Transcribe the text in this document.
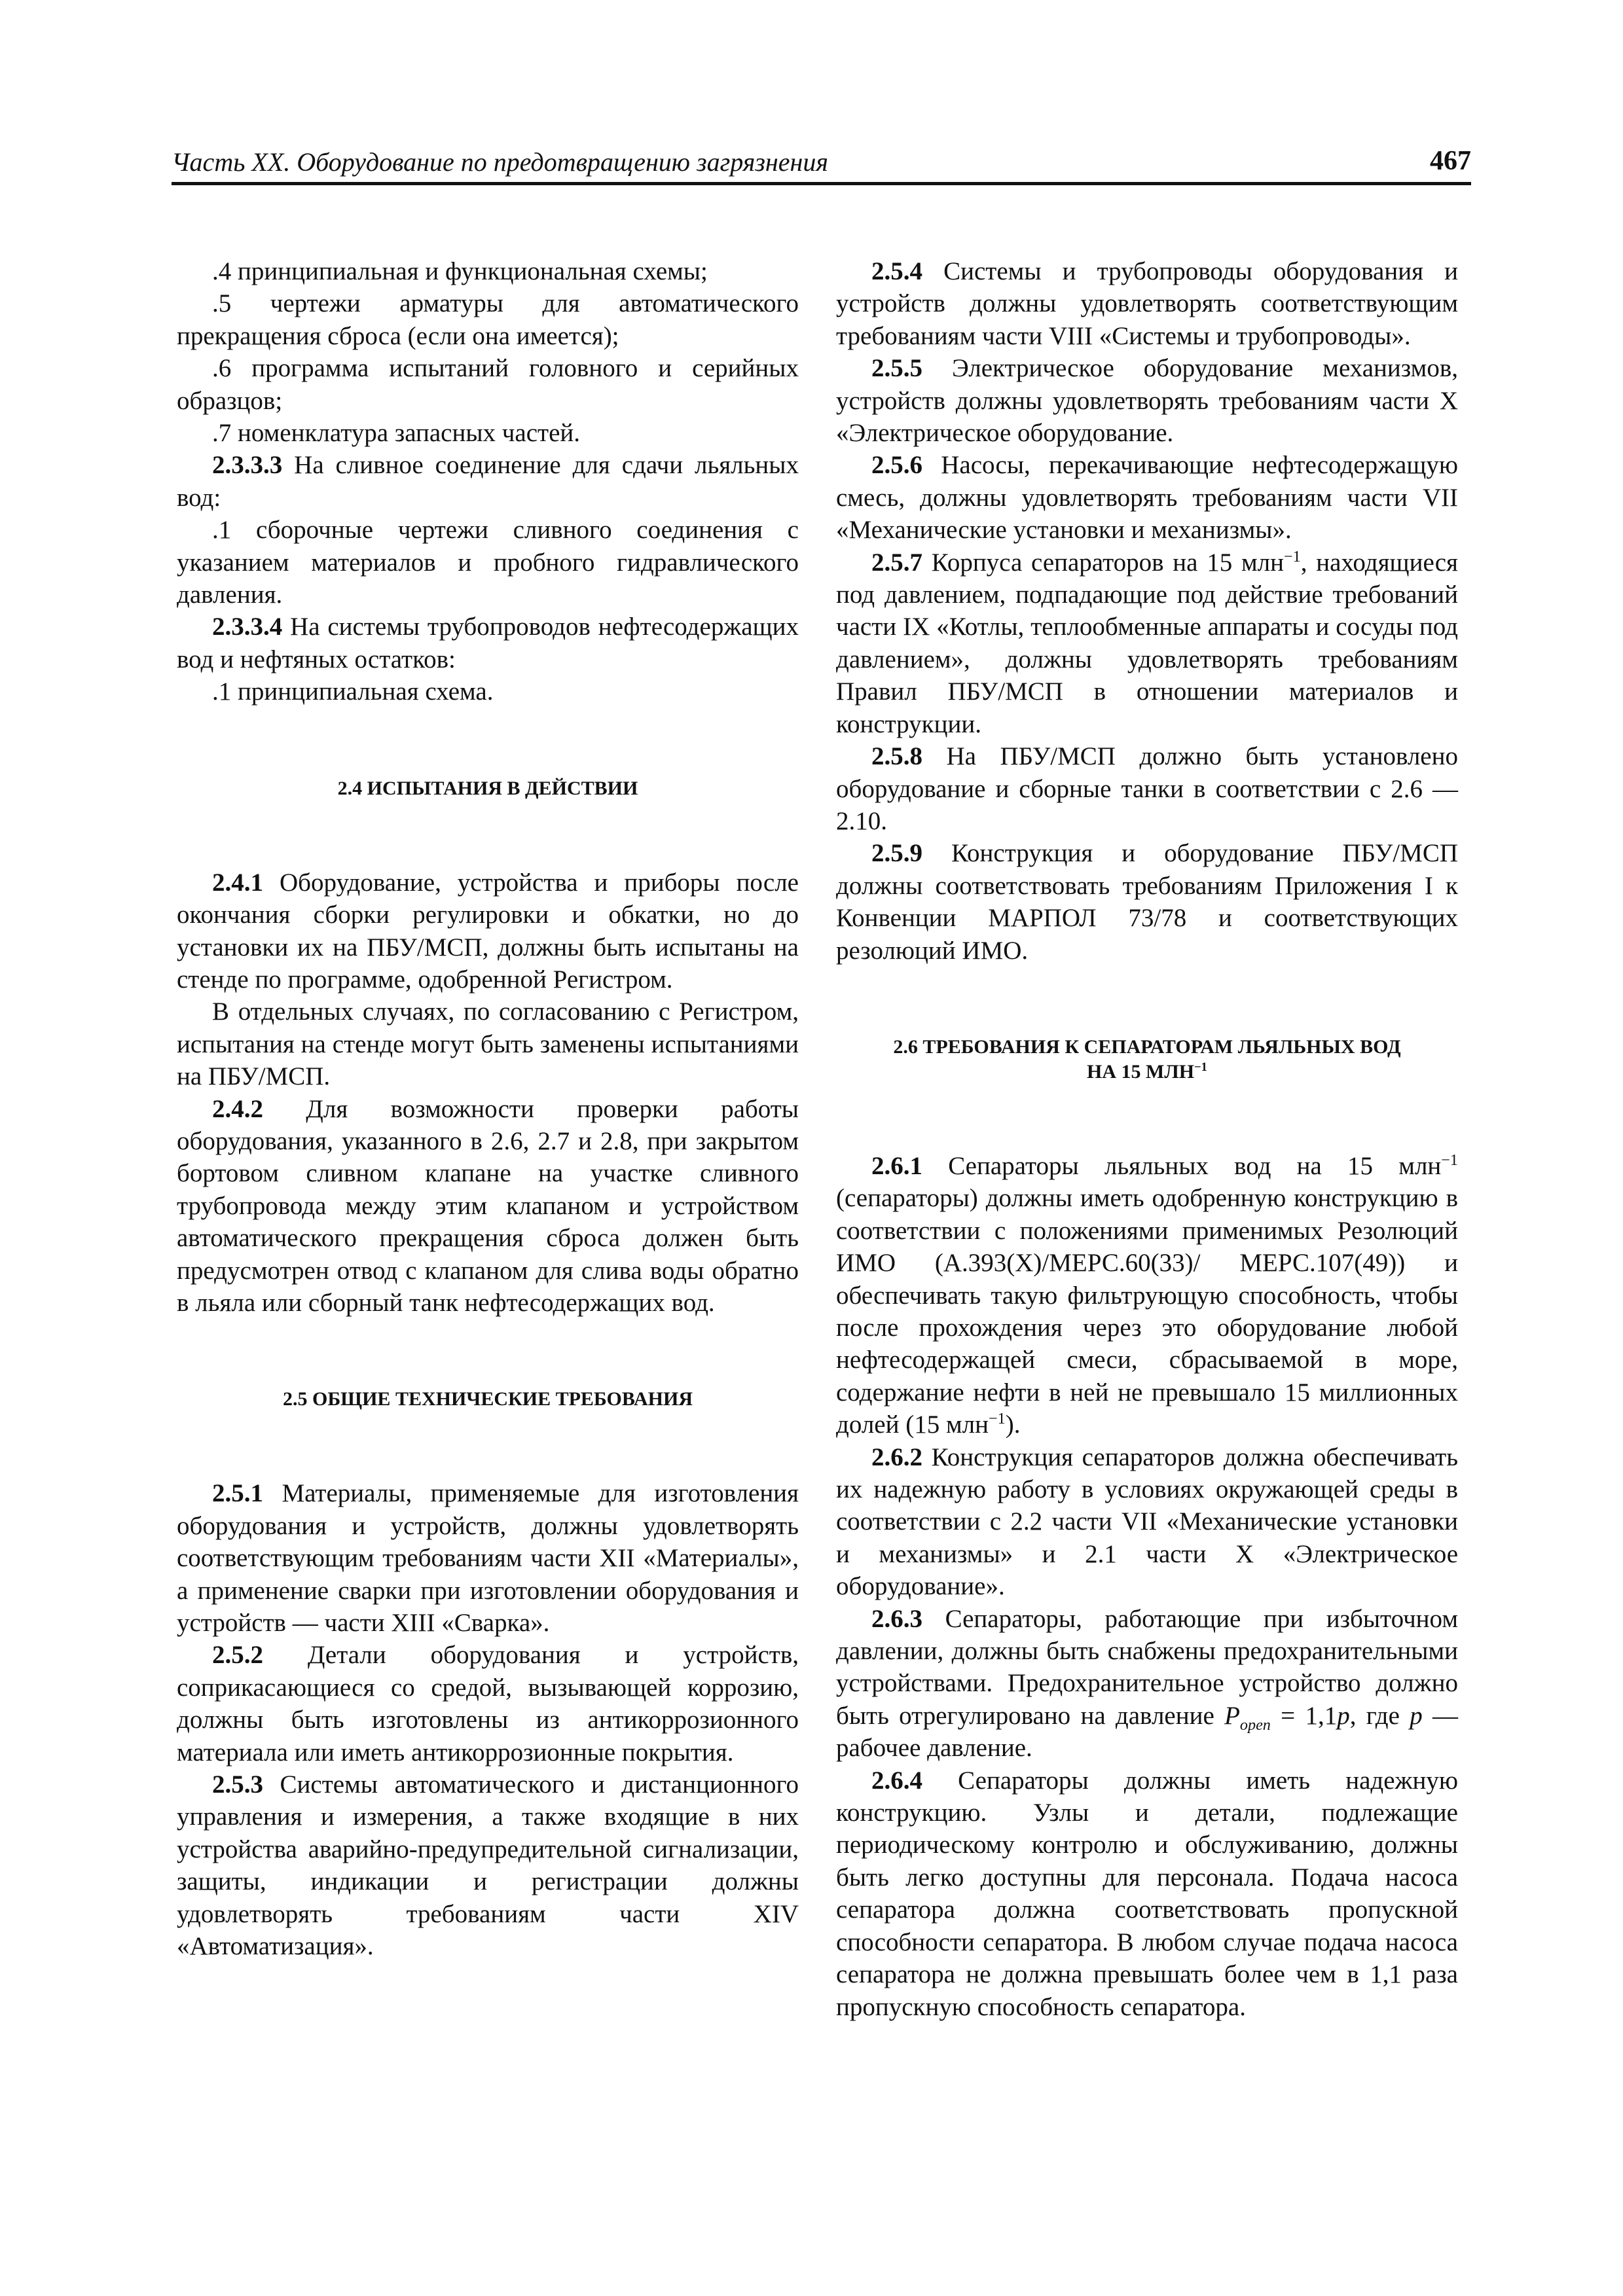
Часть XX. Оборудование по предотвращению загрязнения	467

.4 принципиальная и функциональная схемы;

.5 чертежи арматуры для автоматического прекращения сброса (если она имеется);

.6 программа испытаний головного и серийных образцов;

.7 номенклатура запасных частей.

2.3.3.3 На сливное соединение для сдачи льяльных вод:

.1 сборочные чертежи сливного соединения с указанием материалов и пробного гидравлического давления.

2.3.3.4 На системы трубопроводов нефтесодержащих вод и нефтяных остатков:

.1 принципиальная схема.

2.4 ИСПЫТАНИЯ В ДЕЙСТВИИ

2.4.1 Оборудование, устройства и приборы после окончания сборки регулировки и обкатки, но до установки их на ПБУ/МСП, должны быть испытаны на стенде по программе, одобренной Регистром.

В отдельных случаях, по согласованию с Регистром, испытания на стенде могут быть заменены испытаниями на ПБУ/МСП.

2.4.2 Для возможности проверки работы оборудования, указанного в 2.6, 2.7 и 2.8, при закрытом бортовом сливном клапане на участке сливного трубопровода между этим клапаном и устройством автоматического прекращения сброса должен быть предусмотрен отвод с клапаном для слива воды обратно в льяла или сборный танк нефтесодержащих вод.

2.5 ОБЩИЕ ТЕХНИЧЕСКИЕ ТРЕБОВАНИЯ

2.5.1 Материалы, применяемые для изготовления оборудования и устройств, должны удовлетворять соответствующим требованиям части XII «Материалы», а применение сварки при изготовлении оборудования и устройств — части XIII «Сварка».

2.5.2 Детали оборудования и устройств, соприкасающиеся со средой, вызывающей коррозию, должны быть изготовлены из антикоррозионного материала или иметь антикоррозионные покрытия.

2.5.3 Системы автоматического и дистанционного управления и измерения, а также входящие в них устройства аварийно-предупредительной сигнализации, защиты, индикации и регистрации должны удовлетворять требованиям части XIV «Автоматизация».

2.5.4 Системы и трубопроводы оборудования и устройств должны удовлетворять соответствующим требованиям части VIII «Системы и трубопроводы».

2.5.5 Электрическое оборудование механизмов, устройств должны удовлетворять требованиям части X «Электрическое оборудование.

2.5.6 Насосы, перекачивающие нефтесодержащую смесь, должны удовлетворять требованиям части VII «Механические установки и механизмы».

2.5.7 Корпуса сепараторов на 15 млн$^{-1}$, находящиеся под давлением, подпадающие под действие требований части IX «Котлы, теплообменные аппараты и сосуды под давлением», должны удовлетворять требованиям Правил ПБУ/МСП в отношении материалов и конструкции.

2.5.8 На ПБУ/МСП должно быть установлено оборудование и сборные танки в соответствии с 2.6 — 2.10.

2.5.9 Конструкция и оборудование ПБУ/МСП должны соответствовать требованиям Приложения I к Конвенции МАРПОЛ 73/78 и соответствующих резолюций ИМО.

2.6 ТРЕБОВАНИЯ К СЕПАРАТОРАМ ЛЬЯЛЬНЫХ ВОД
НА 15 $МЛН^{-1}$

2.6.1 Сепараторы льяльных вод на 15 млн$^{-1}$ (сепараторы) должны иметь одобренную конструкцию в соответствии с положениями применимых Резолюций ИМО (А.393(X)/МЕРС.60(33)/ МЕРС.107(49)) и обеспечивать такую фильтрующую способность, чтобы после прохождения через это оборудование любой нефтесодержащей смеси, сбрасываемой в море, содержание нефти в ней не превышало 15 миллионных долей (15 млн$^{-1}$).

2.6.2 Конструкция сепараторов должна обеспечивать их надежную работу в условиях окружающей среды в соответствии с 2.2 части VII «Механические установки и механизмы» и 2.1 части X «Электрическое оборудование».

2.6.3 Сепараторы, работающие при избыточном давлении, должны быть снабжены предохранительными устройствами. Предохранительное устройство должно быть отрегулировано на давление $P_{open} = 1,1p$, где p — рабочее давление.

2.6.4 Сепараторы должны иметь надежную конструкцию. Узлы и детали, подлежащие периодическому контролю и обслуживанию, должны быть легко доступны для персонала. Подача насоса сепаратора должна соответствовать пропускной способности сепаратора. В любом случае подача насоса сепаратора не должна превышать более чем в 1,1 раза пропускную способность сепаратора.
